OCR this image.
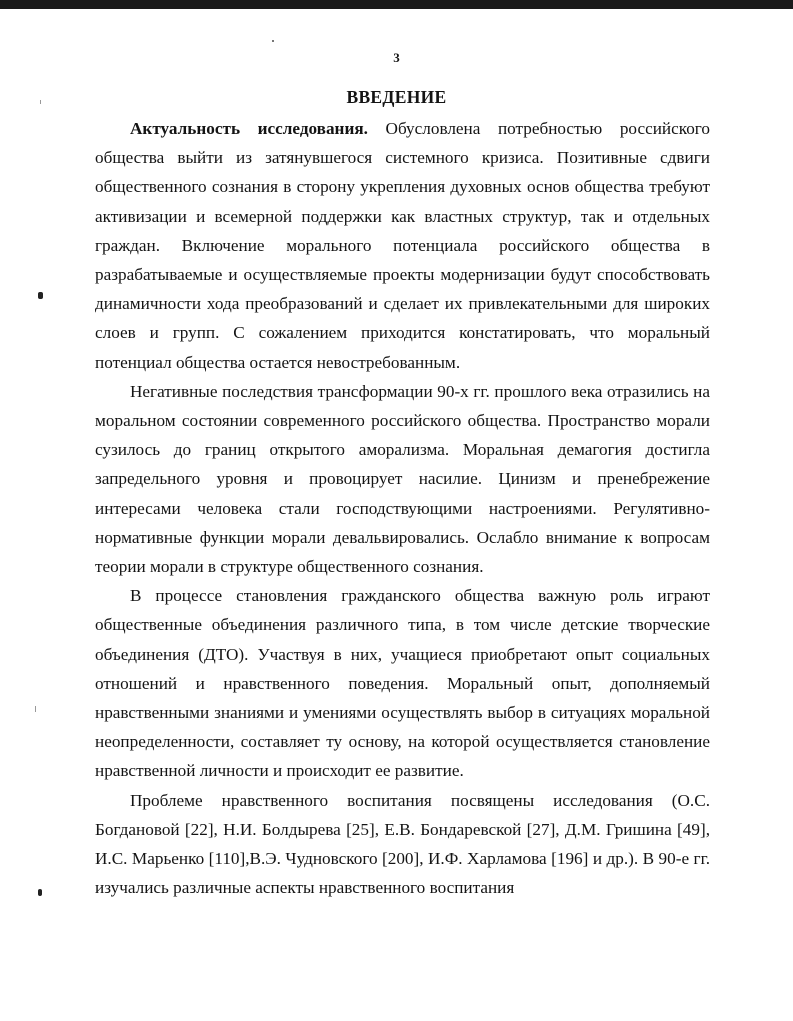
3
ВВЕДЕНИЕ

Актуальность исследования. Обусловлена потребностью российского общества выйти из затянувшегося системного кризиса. Позитивные сдвиги общественного сознания в сторону укрепления духовных основ общества требуют активизации и всемерной поддержки как властных структур, так и отдельных граждан. Включение морального потенциала российского общества в разрабатываемые и осуществляемые проекты модернизации будут способствовать динамичности хода преобразований и сделает их привлекательными для широких слоев и групп. С сожалением приходится констатировать, что моральный потенциал общества остается невостребованным.

Негативные последствия трансформации 90-х гг. прошлого века отразились на моральном состоянии современного российского общества. Пространство морали сузилось до границ открытого аморализма. Моральная демагогия достигла запредельного уровня и провоцирует насилие. Цинизм и пренебрежение интересами человека стали господствующими настроениями. Регулятивно-нормативные функции морали девальвировались. Ослабло внимание к вопросам теории морали в структуре общественного сознания.

В процессе становления гражданского общества важную роль играют общественные объединения различного типа, в том числе детские творческие объединения (ДТО). Участвуя в них, учащиеся приобретают опыт социальных отношений и нравственного поведения. Моральный опыт, дополняемый нравственными знаниями и умениями осуществлять выбор в ситуациях моральной неопределенности, составляет ту основу, на которой осуществляется становление нравственной личности и происходит ее развитие.

Проблеме нравственного воспитания посвящены исследования (О.С. Богдановой [22], Н.И. Болдырева [25], Е.В. Бондаревской [27], Д.М. Гришина [49], И.С. Марьенко [110],В.Э. Чудновского [200], И.Ф. Харламова [196] и др.). В 90-е гг. изучались различные аспекты нравственного воспитания
